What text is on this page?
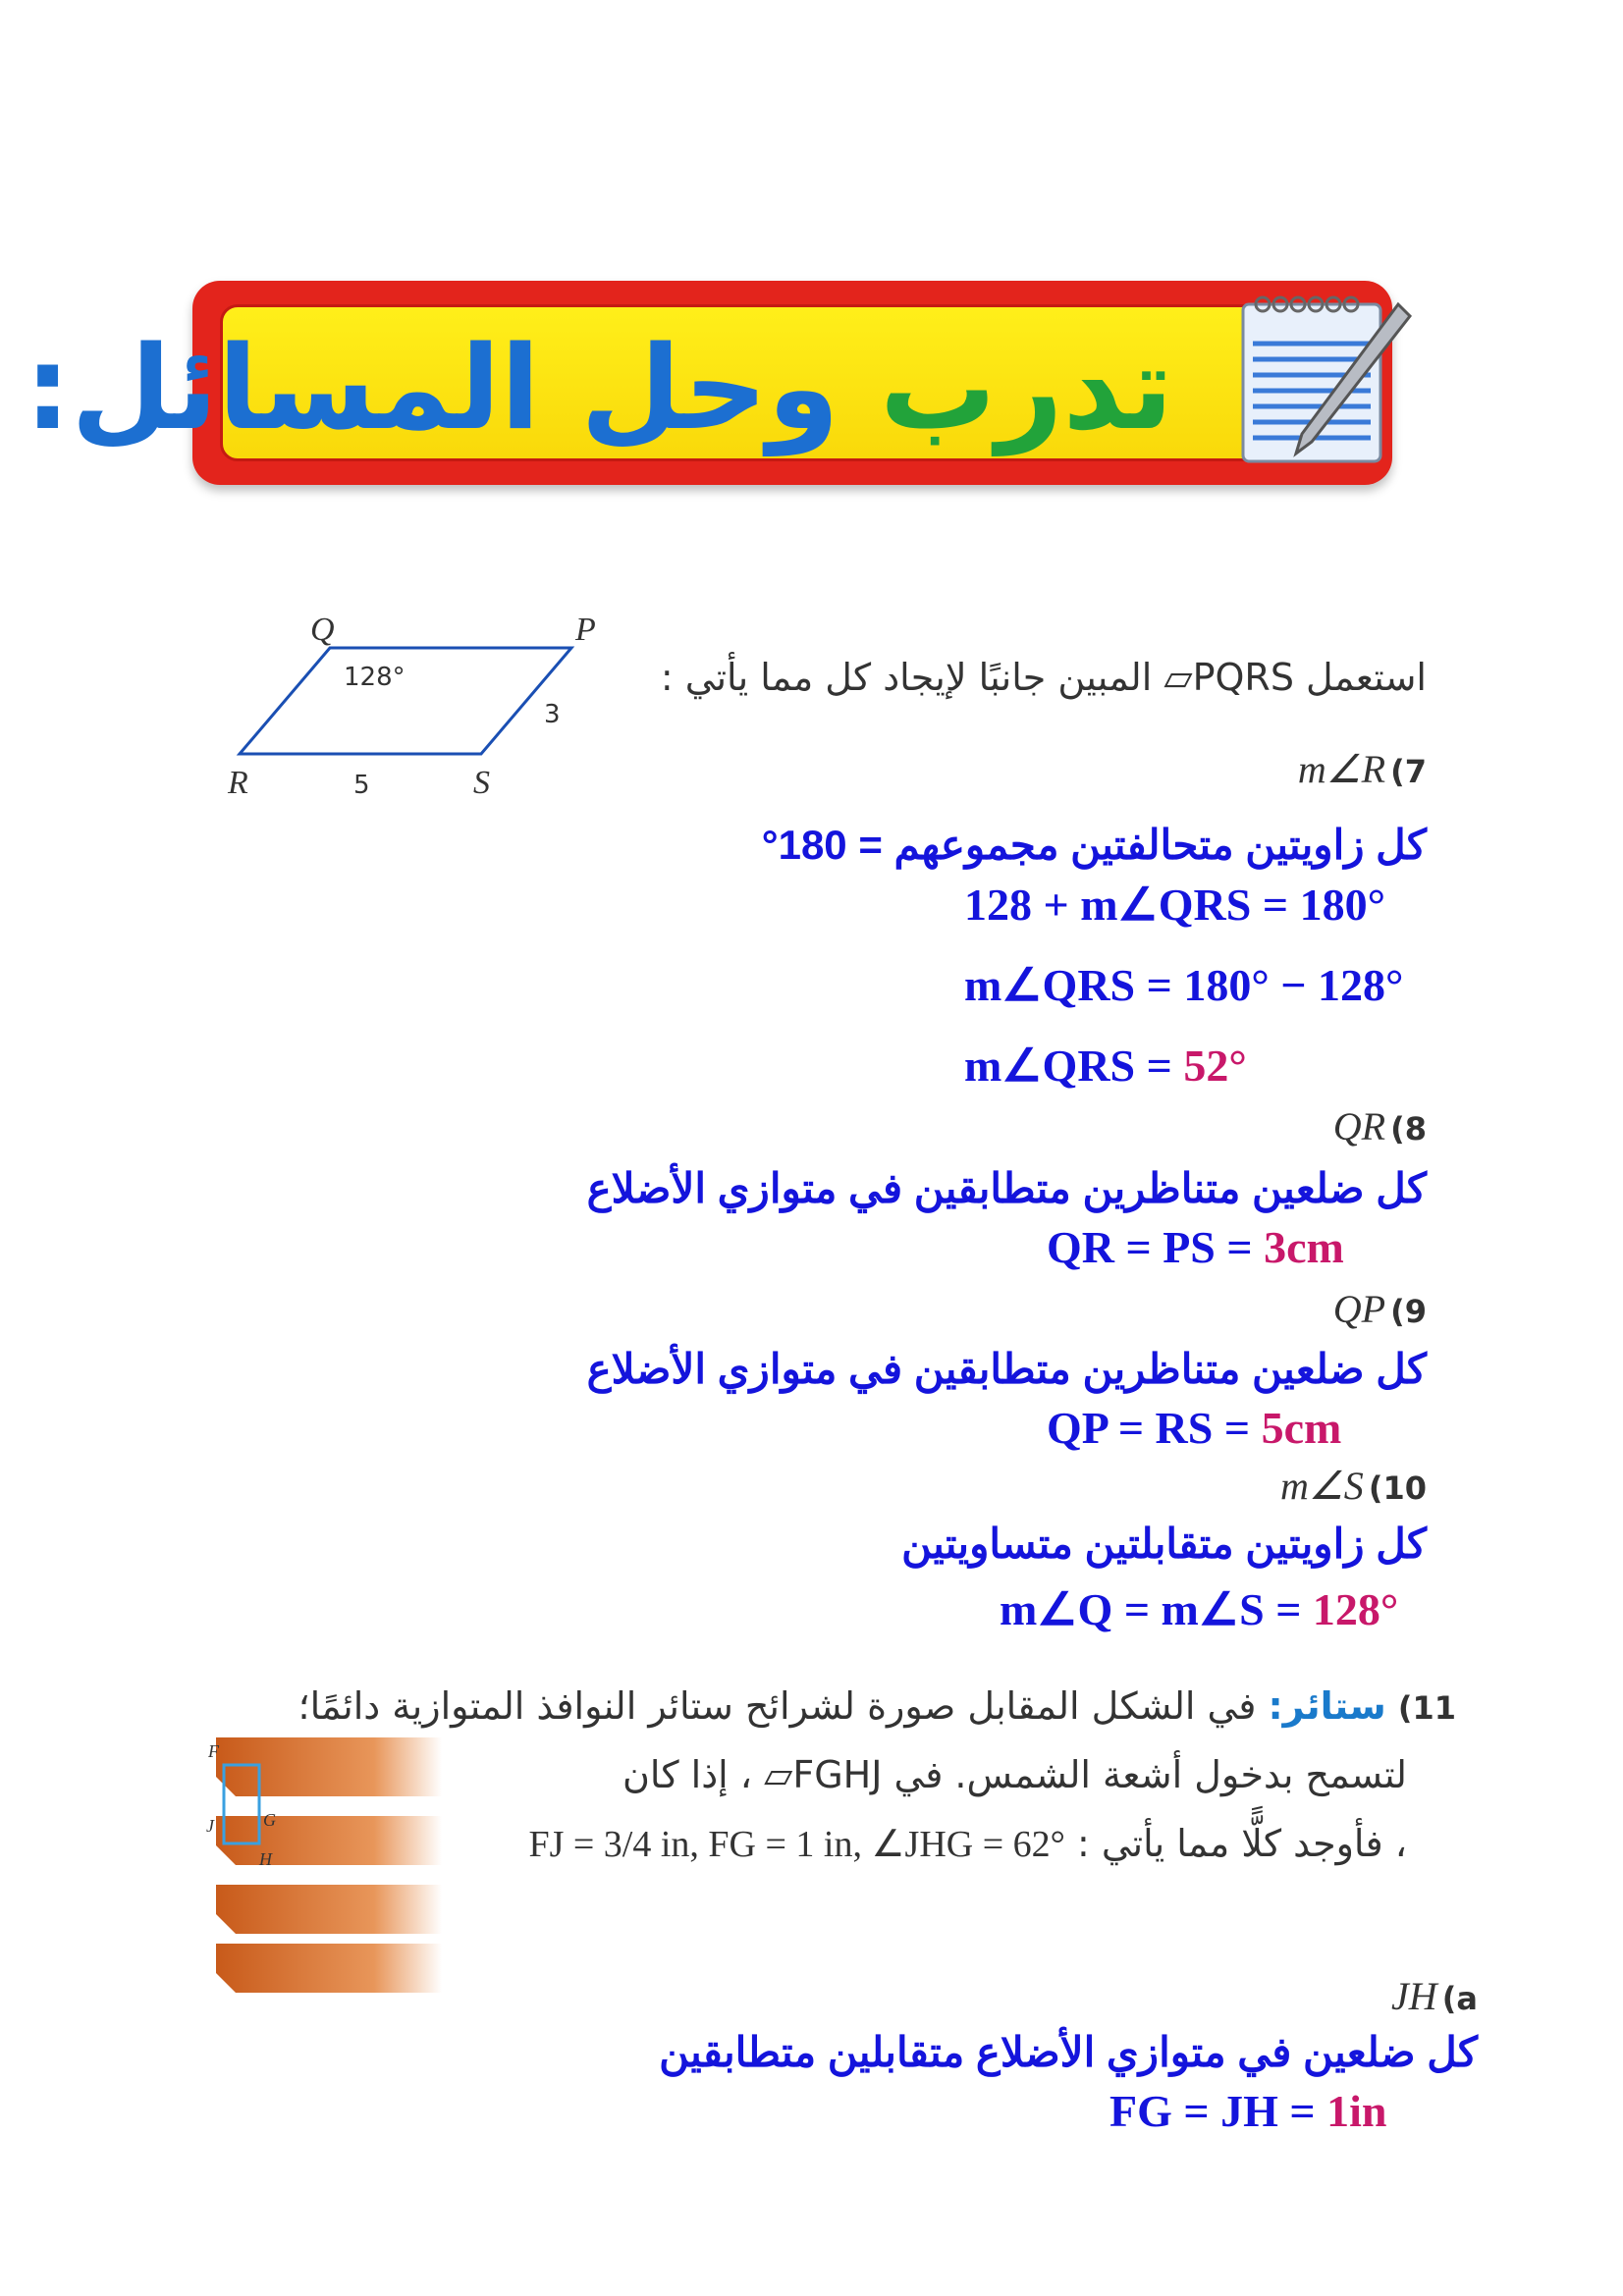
تدرب وحل المسائل:
Q	P
R	S
128°
3
5
استعمل PQRS▱ المبين جانبًا لإيجاد كل مما يأتي :
m∠R (7
كل زاويتين متحالفتين مجموعهم = 180°
128 + m∠QRS = 180°
m∠QRS = 180° − 128°
m∠QRS = 52°
QR (8
كل ضلعين متناظرين متطابقين في متوازي الأضلاع
QR = PS = 3cm
QP (9
كل ضلعين متناظرين متطابقين في متوازي الأضلاع
QP = RS = 5cm
m∠S (10
كل زاويتين متقابلتين متساويتين
m∠Q = m∠S = 128°
F
J	G
H
11) ستائر: في الشكل المقابل صورة لشرائح ستائر النوافذ المتوازية دائمًا؛
لتسمح بدخول أشعة الشمس. في FGHJ▱ ، إذا كان
، فأوجد كلًّا مما يأتي : FJ = 3/4 in, FG = 1 in, ∠JHG = 62°
JH (a
كل ضلعين في متوازي الأضلاع متقابلين متطابقين
FG = JH = 1in
